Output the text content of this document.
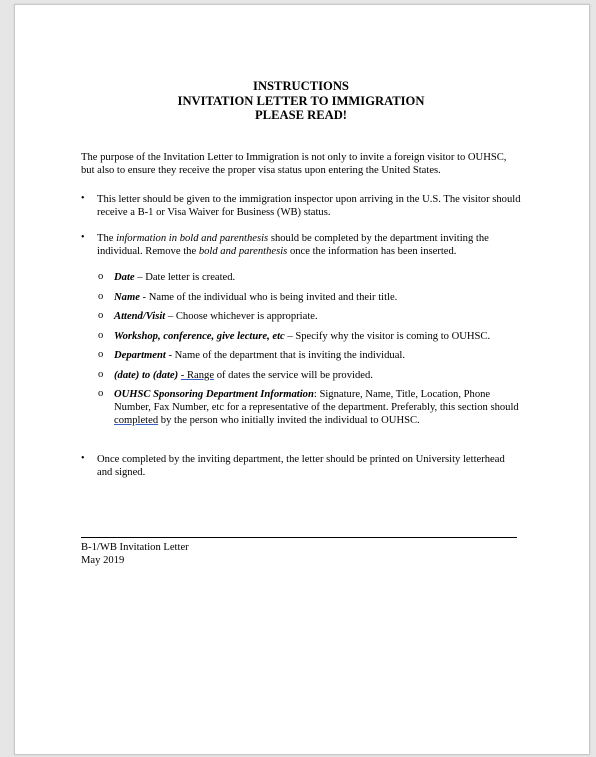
INSTRUCTIONS
INVITATION LETTER TO IMMIGRATION
PLEASE READ!

The purpose of the Invitation Letter to Immigration is not only to invite a foreign visitor to OUHSC, but also to ensure they receive the proper visa status upon entering the United States.

• This letter should be given to the immigration inspector upon arriving in the U.S. The visitor should receive a B-1 or Visa Waiver for Business (WB) status.

• The information in bold and parenthesis should be completed by the department inviting the individual. Remove the bold and parenthesis once the information has been inserted.

o Date – Date letter is created.

o Name - Name of the individual who is being invited and their title.

o Attend/Visit – Choose whichever is appropriate.

o Workshop, conference, give lecture, etc – Specify why the visitor is coming to OUHSC.

o Department - Name of the department that is inviting the individual.

o (date) to (date) - Range of dates the service will be provided.

o OUHSC Sponsoring Department Information: Signature, Name, Title, Location, Phone Number, Fax Number, etc for a representative of the department. Preferably, this section should completed by the person who initially invited the individual to OUHSC.

• Once completed by the inviting department, the letter should be printed on University letterhead and signed.

B-1/WB Invitation Letter

May 2019
